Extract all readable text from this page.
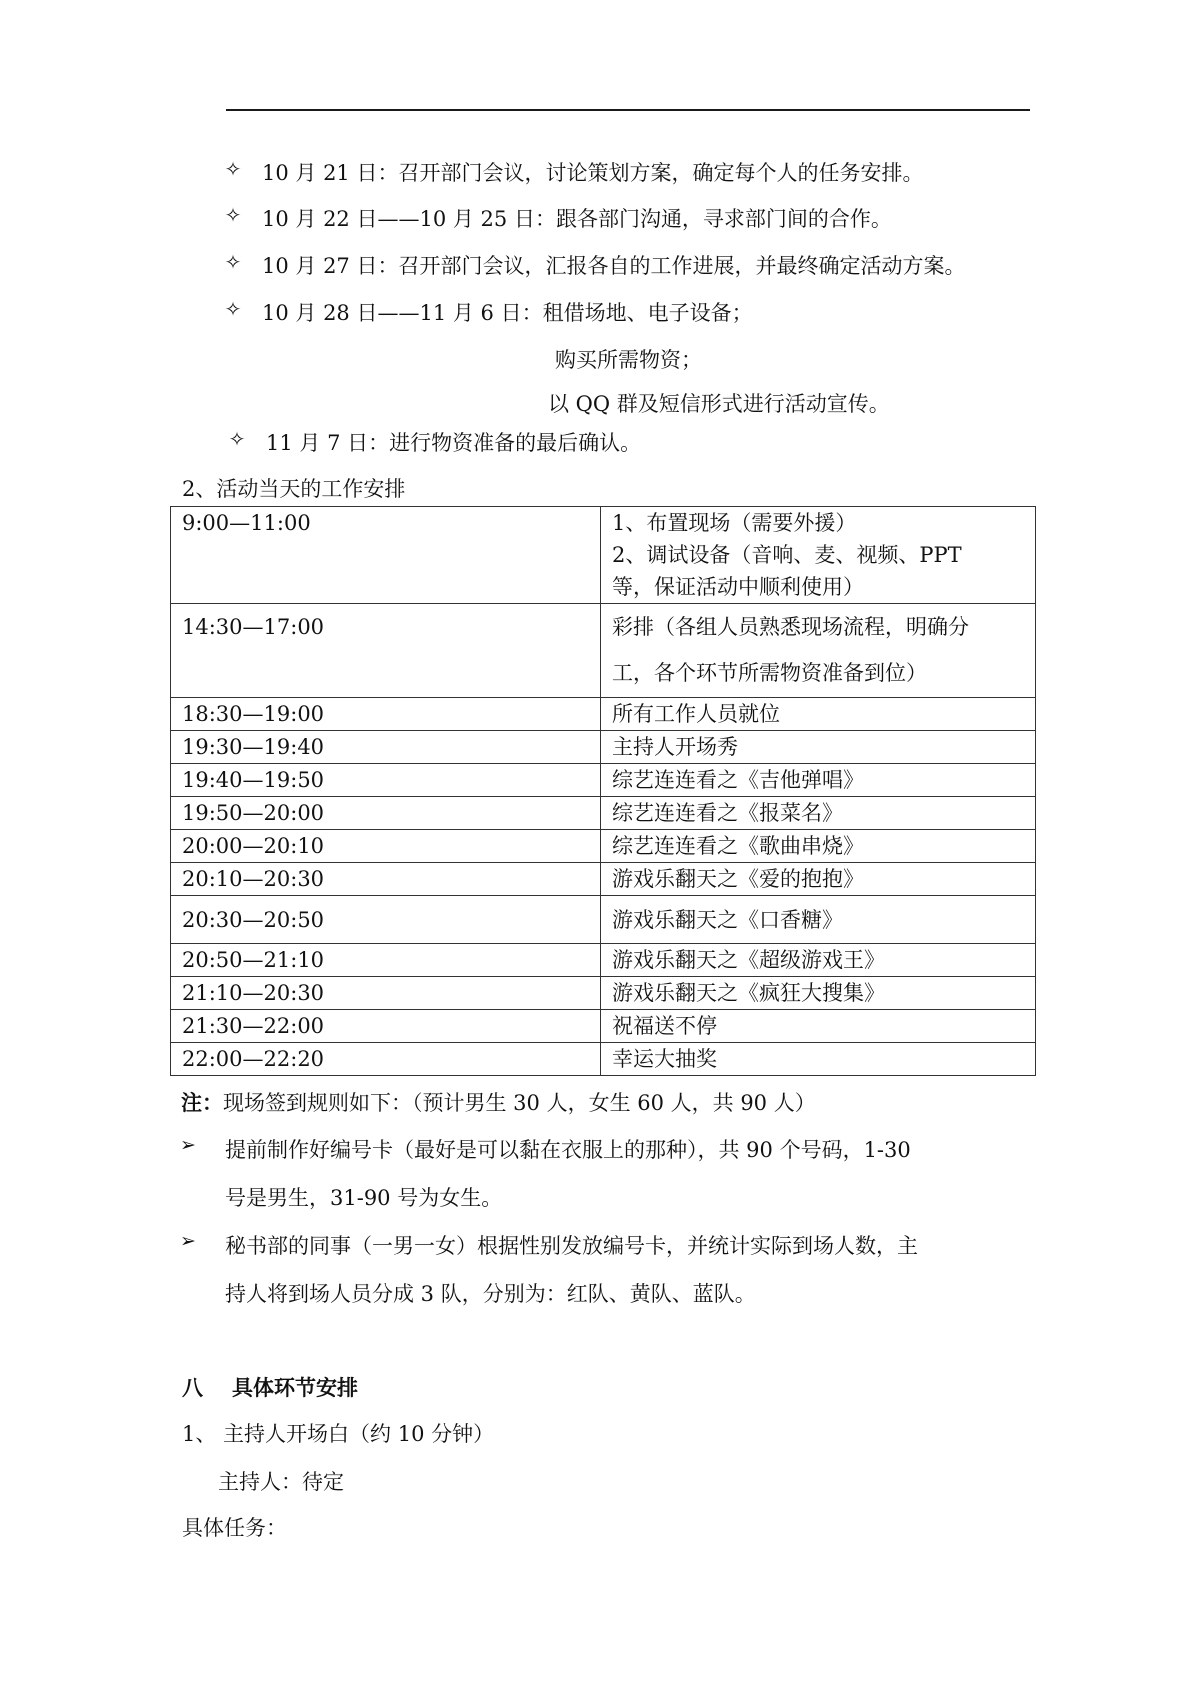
✧ 10 月 21 日：召开部门会议，讨论策划方案，确定每个人的任务安排。
✧ 10 月 22 日——10 月 25 日：跟各部门沟通，寻求部门间的合作。
✧ 10 月 27 日：召开部门会议，汇报各自的工作进展，并最终确定活动方案。
✧ 10 月 28 日——11 月 6 日：租借场地、电子设备；
购买所需物资；
以 QQ 群及短信形式进行活动宣传。
✧ 11 月 7 日：进行物资准备的最后确认。
2、活动当天的工作安排
9:00—11:00	1、布置现场（需要外援）
2、调试设备（音响、麦、视频、PPT
等，保证活动中顺利使用）

14:30—17:00	彩排（各组人员熟悉现场流程，明确分
工，各个环节所需物资准备到位）

18:30—19:00	所有工作人员就位
19:30—19:40	主持人开场秀
19:40—19:50	综艺连连看之《吉他弹唱》
19:50—20:00	综艺连连看之《报菜名》
20:00—20:10	综艺连连看之《歌曲串烧》
20:10—20:30	游戏乐翻天之《爱的抱抱》
20:30—20:50	游戏乐翻天之《口香糖》
20:50—21:10	游戏乐翻天之《超级游戏王》
21:10—20:30	游戏乐翻天之《疯狂大搜集》
21:30—22:00	祝福送不停
22:00—22:20	幸运大抽奖
注：现场签到规则如下：（预计男生 30 人，女生 60 人，共 90 人）
➢ 提前制作好编号卡（最好是可以黏在衣服上的那种），共 90 个号码，1-30
号是男生，31-90 号为女生。
➢ 秘书部的同事（一男一女）根据性别发放编号卡，并统计实际到场人数，主
持人将到场人员分成 3 队，分别为：红队、黄队、蓝队。
八 具体环节安排
1、 主持人开场白（约 10 分钟）
主持人：待定
具体任务：
